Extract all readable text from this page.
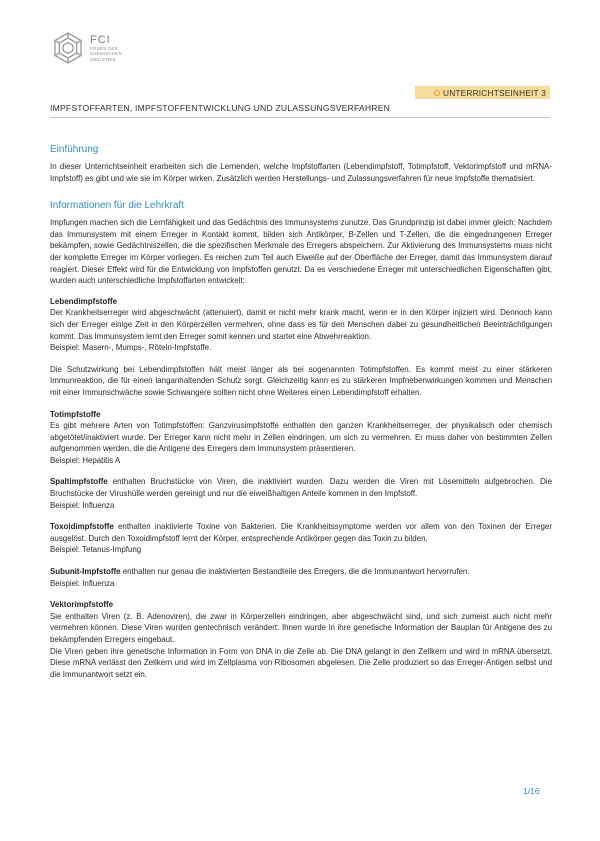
FCI
FONDS DER
CHEMISCHEN
INDUSTRIE
UNTERRICHTSEINHEIT 3
IMPFSTOFFARTEN, IMPFSTOFFENTWICKLUNG UND ZULASSUNGSVERFAHREN
Einführung

In dieser Unterrichtseinheit erarbeiten sich die Lernenden, welche Impfstoffarten (Lebendimpfstoff, Totimpfstoff, Vektorimpfstoff und mRNA-Impfstoff) es gibt und wie sie im Körper wirken. Zusätzlich werden Herstellungs- und Zulassungsverfahren für neue Impfstoffe thematisiert.

Informationen für die Lehrkraft

Impfungen machen sich die Lernfähigkeit und das Gedächtnis des Immunsystems zunutze. Das Grundprinzip ist dabei immer gleich: Nachdem das Immunsystem mit einem Erreger in Kontakt kommt, bilden sich Antikörper, B-Zellen und T-Zellen, die die eingedrungenen Erreger bekämpfen, sowie Gedächtniszellen, die die spezifischen Merkmale des Erregers abspeichern. Zur Aktivierung des Immunsystems muss nicht der komplette Erreger im Körper vorliegen. Es reichen zum Teil auch Eiweiße auf der Oberfläche der Erreger, damit das Immunsystem darauf reagiert. Dieser Effekt wird für die Entwicklung von Impfstoffen genutzt. Da es verschiedene Erreger mit unterschiedlichen Eigenschaften gibt, wurden auch unterschiedliche Impfstoffarten entwickelt:

Lebendimpfstoffe

Der Krankheitserreger wird abgeschwächt (attenuiert), damit er nicht mehr krank macht, wenn er in den Körper injiziert wird. Dennoch kann sich der Erreger einige Zeit in den Körperzellen vermehren, ohne dass es für den Menschen dabei zu gesundheitlichen Beeinträchtigungen kommt. Das Immunsystem lernt den Erreger somit kennen und startet eine Abwehrreaktion.

Beispiel: Masern-, Mumps-, Röteln-Impfstoffe.

Die Schutzwirkung bei Lebendimpfstoffen hält meist länger als bei sogenannten Totimpfstoffen. Es kommt meist zu einer stärkeren Immunreaktion, die für einen langanhaltenden Schutz sorgt. Gleichzeitig kann es zu stärkeren Impfnebenwirkungen kommen und Menschen mit einer Immunschwäche sowie Schwangere sollten nicht ohne Weiteres einen Lebendimpfstoff erhalten.

Totimpfstoffe

Es gibt mehrere Arten von Totimpfstoffen: Ganzvirusimpfstoffe enthalten den ganzen Krankheitserreger, der physikalisch oder chemisch abgetötet/inaktiviert wurde. Der Erreger kann nicht mehr in Zellen eindringen, um sich zu vermehren. Er muss daher von bestimmten Zellen aufgenommen werden, die die Antigene des Erregers dem Immunsystem präsentieren.

Beispiel: Hepatitis A

Spaltimpfstoffe enthalten Bruchstücke von Viren, die inaktiviert wurden. Dazu werden die Viren mit Lösemitteln aufgebrochen. Die Bruchstücke der Virushülle werden gereinigt und nur die eiweißhaltigen Anteile kommen in den Impfstoff.

Beispiel: Influenza

Toxoidimpfstoffe enthalten inaktivierte Toxine von Bakterien. Die Krankheitssymptome werden vor allem von den Toxinen der Erreger ausgelöst. Durch den Toxoidimpfstoff lernt der Körper, entsprechende Antikörper gegen das Toxin zu bilden.

Beispiel: Tetanus-Impfung

Subunit-Impfstoffe enthalten nur genau die inaktivierten Bestandteile des Erregers, die die Immunantwort hervorrufen.

Beispiel: Influenza

Vektorimpfstoffe

Sie enthalten Viren (z. B. Adenoviren), die zwar in Körperzellen eindringen, aber abgeschwächt sind, und sich zumeist auch nicht mehr vermehren können. Diese Viren wurden gentechnisch verändert: Ihnen wurde in ihre genetische Information der Bauplan für Antigene des zu bekämpfenden Erregers eingebaut.

Die Viren geben ihre genetische Information in Form von DNA in die Zelle ab. Die DNA gelangt in den Zellkern und wird in mRNA übersetzt. Diese mRNA verlässt den Zellkern und wird im Zellplasma von Ribosomen abgelesen. Die Zelle produziert so das Erreger-Antigen selbst und die Immunantwort setzt ein.

1/16
